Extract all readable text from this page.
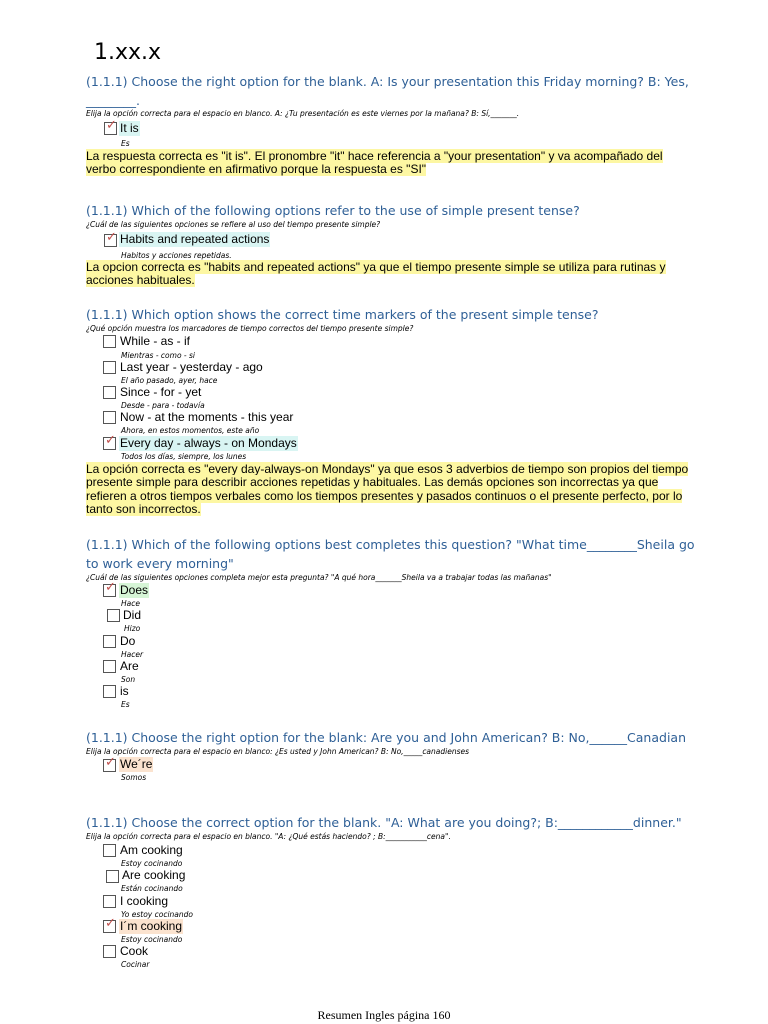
1.xx.x
(1.1.1) Choose the right option for the blank. A: Is your presentation this Friday morning? B: Yes, ________.
Elija la opción correcta para el espacio en blanco. A: ¿Tu presentación es este viernes por la mañana? B: Sí,_______.
✓ It is
Es
La respuesta correcta es "it is". El pronombre "it" hace referencia a "your presentation" y va acompañado del verbo correspondiente en afirmativo porque la respuesta es "SI"
(1.1.1) Which of the following options refer to the use of simple present tense?
¿Cuál de las siguientes opciones se refiere al uso del tiempo presente simple?
✓ Habits and repeated actions
Habitos y acciones repetidas.
La opcion correcta es "habits and repeated actions" ya que el tiempo presente simple se utiliza para rutinas y acciones habituales.
(1.1.1) Which option shows the correct time markers of the present simple tense?
¿Qué opción muestra los marcadores de tiempo correctos del tiempo presente simple?
While - as - if
Mientras - como - si
Last year - yesterday - ago
El año pasado, ayer, hace
Since - for - yet
Desde - para - todavía
Now - at the moments - this year
Ahora, en estos momentos, este año
✓ Every day - always - on Mondays
Todos los días, siempre, los lunes
La opción correcta es "every day-always-on Mondays" ya que esos 3 adverbios de tiempo son propios del tiempo presente simple para describir acciones repetidas y habituales. Las demás opciones son incorrectas ya que refieren a otros tiempos verbales como los tiempos presentes y pasados continuos o el presente perfecto, por lo tanto son incorrectos.
(1.1.1) Which of the following options best completes this question? "What time________Sheila go to work every morning"
¿Cuál de las siguientes opciones completa mejor esta pregunta? "A qué hora_______Sheila va a trabajar todas las mañanas"
✓ Does
Hace
Did
Hizo
Do
Hacer
Are
Son
is
Es
(1.1.1) Choose the right option for the blank: Are you and John American? B: No,______Canadian
Elija la opción correcta para el espacio en blanco: ¿Es usted y John American? B: No,_____canadienses
✓ We´re
Somos
(1.1.1) Choose the correct option for the blank. "A: What are you doing?; B:____________dinner."
Elija la opción correcta para el espacio en blanco. "A: ¿Qué estás haciendo? ; B:___________cena".
Am cooking
Estoy cocinando
Are cooking
Están cocinando
I cooking
Yo estoy cocinando
✓ I´m cooking
Estoy cocinando
Cook
Cocinar
Resumen Ingles página 160
